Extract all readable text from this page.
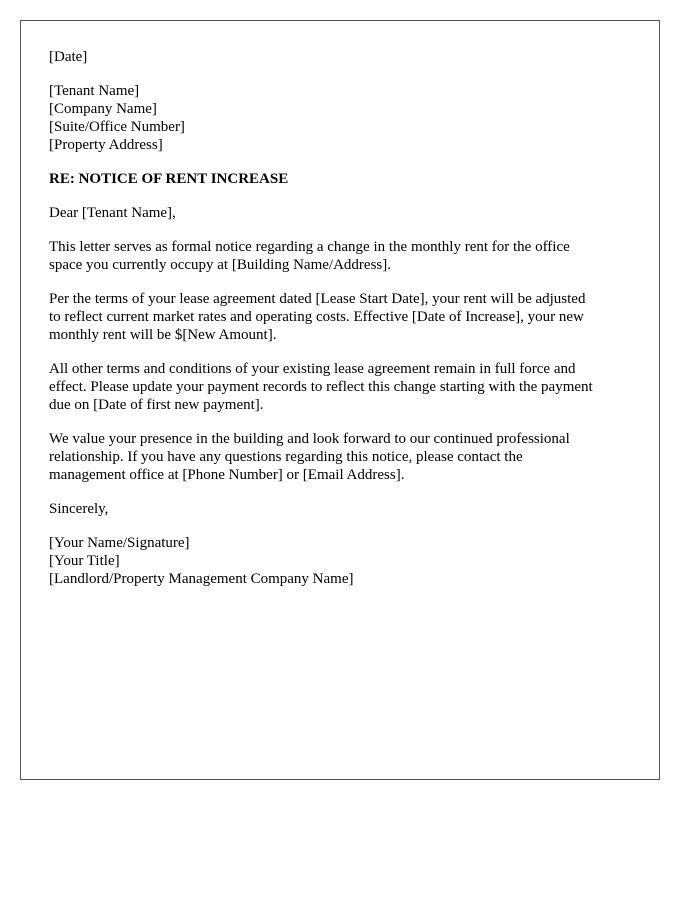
[Date]
[Tenant Name]
[Company Name]
[Suite/Office Number]
[Property Address]
RE: NOTICE OF RENT INCREASE
Dear [Tenant Name],
This letter serves as formal notice regarding a change in the monthly rent for the office
space you currently occupy at [Building Name/Address].
Per the terms of your lease agreement dated [Lease Start Date], your rent will be adjusted
to reflect current market rates and operating costs. Effective [Date of Increase], your new
monthly rent will be $[New Amount].
All other terms and conditions of your existing lease agreement remain in full force and
effect. Please update your payment records to reflect this change starting with the payment
due on [Date of first new payment].
We value your presence in the building and look forward to our continued professional
relationship. If you have any questions regarding this notice, please contact the
management office at [Phone Number] or [Email Address].
Sincerely,
[Your Name/Signature]
[Your Title]
[Landlord/Property Management Company Name]
